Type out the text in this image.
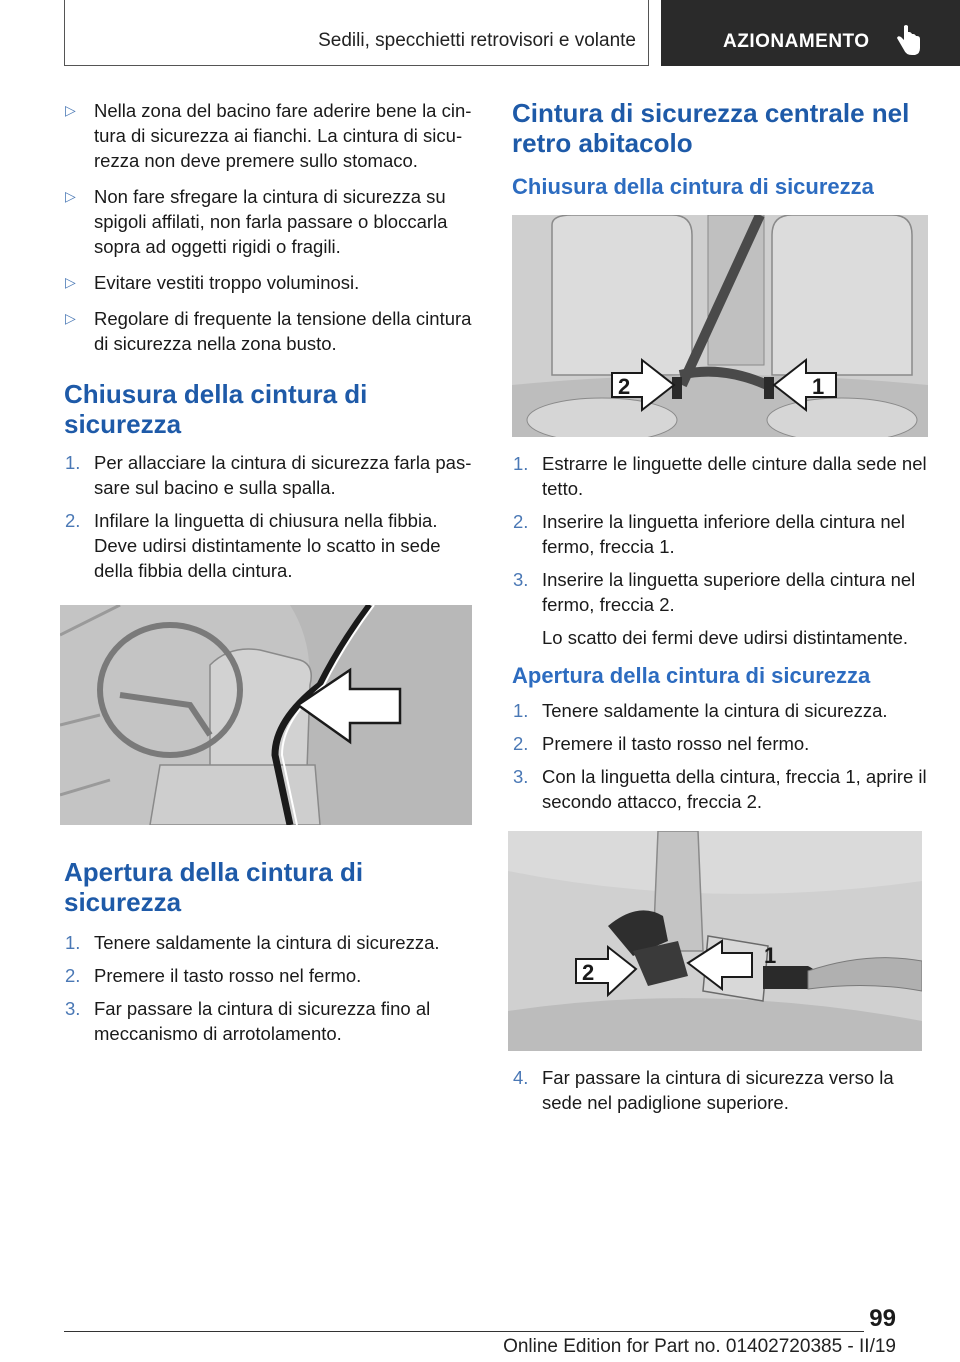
Sedili, specchietti retrovisori e volante	AZIONAMENTO
▷ Nella zona del bacino fare aderire bene la cin‐ tura di sicurezza ai fianchi. La cintura di sicu‐ rezza non deve premere sullo stomaco.
▷ Non fare sfregare la cintura di sicurezza su spigoli affilati, non farla passare o bloccarla sopra ad oggetti rigidi o fragili.
▷ Evitare vestiti troppo voluminosi.
▷ Regolare di frequente la tensione della cintura di sicurezza nella zona busto.
Chiusura della cintura di sicurezza
1. Per allacciare la cintura di sicurezza farla pas‐ sare sul bacino e sulla spalla.
2. Infilare la linguetta di chiusura nella fibbia. Deve udirsi distintamente lo scatto in sede della fibbia della cintura.
Apertura della cintura di sicurezza
1. Tenere saldamente la cintura di sicurezza.
2. Premere il tasto rosso nel fermo.
3. Far passare la cintura di sicurezza fino al meccanismo di arrotolamento.
Cintura di sicurezza centrale nel retro abitacolo
Chiusura della cintura di sicurezza
2	1
1. Estrarre le linguette delle cinture dalla sede nel tetto.
2. Inserire la linguetta inferiore della cintura nel fermo, freccia 1.
3. Inserire la linguetta superiore della cintura nel fermo, freccia 2.

Lo scatto dei fermi deve udirsi distintamente.

Apertura della cintura di sicurezza
1. Tenere saldamente la cintura di sicurezza.
2. Premere il tasto rosso nel fermo.
3. Con la linguetta della cintura, freccia 1, aprire il secondo attacco, freccia 2.
2
1
4. Far passare la cintura di sicurezza verso la sede nel padiglione superiore.
99
Online Edition for Part no. 01402720385 - II/19
